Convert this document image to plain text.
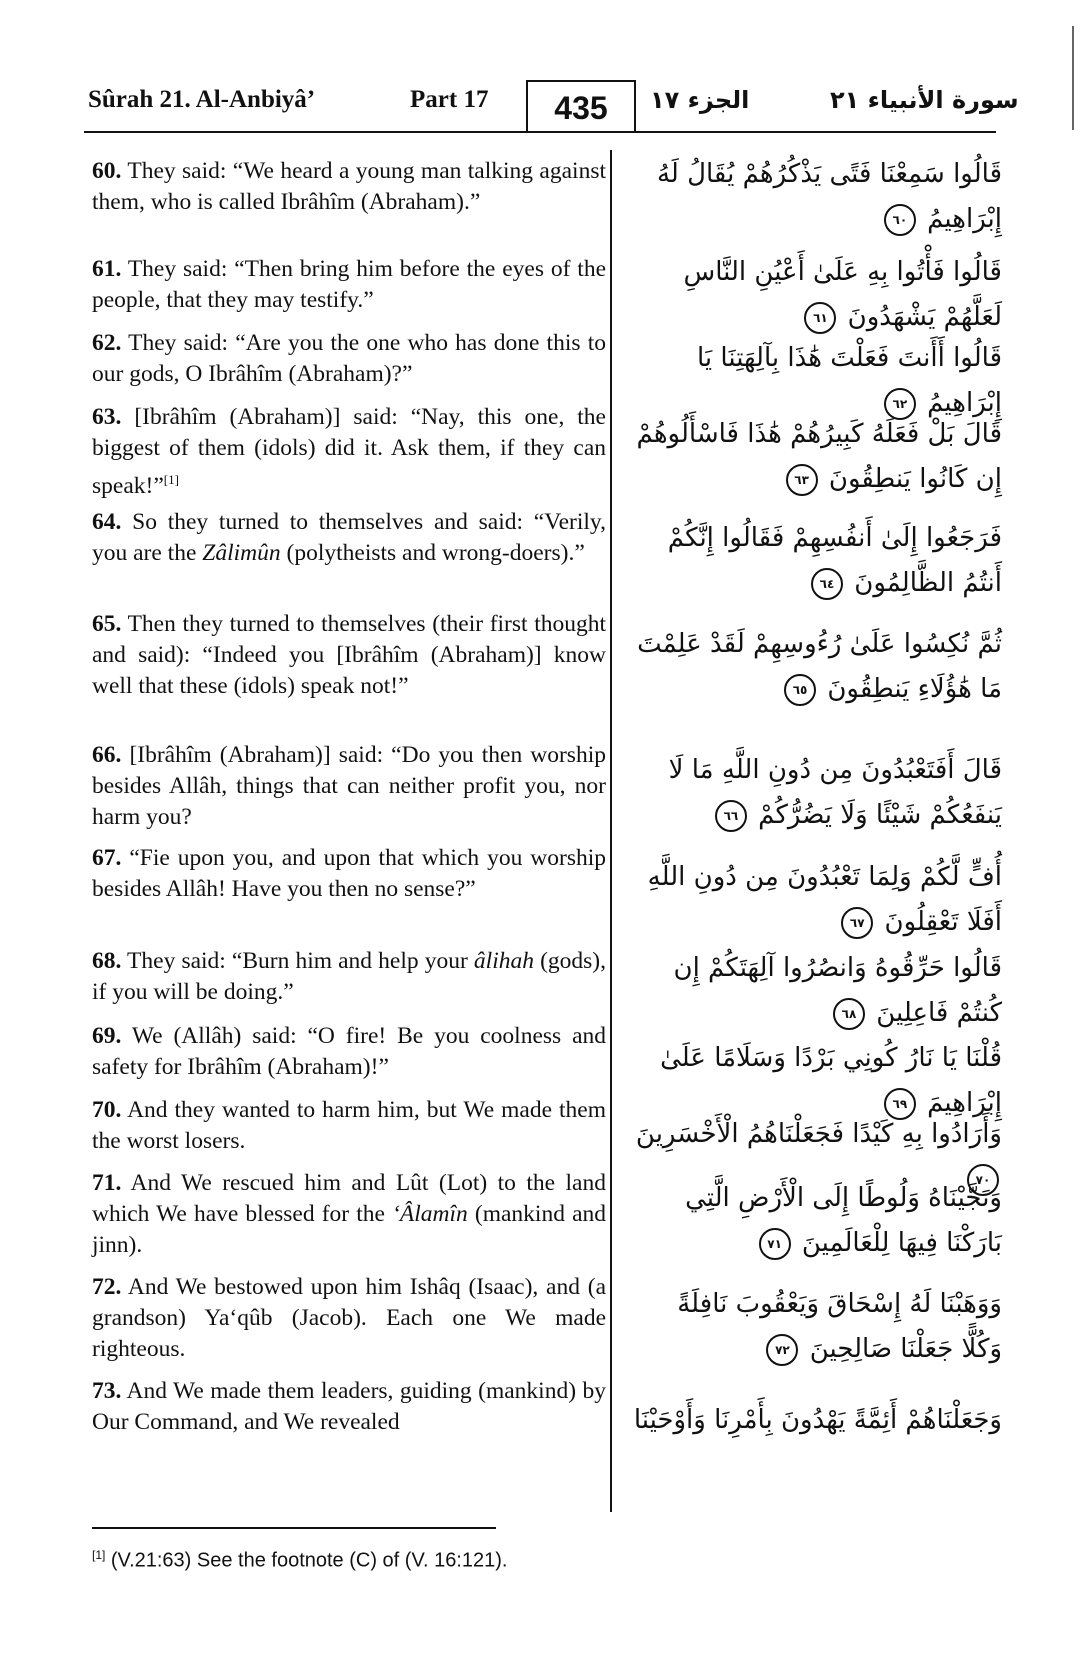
Sûrah 21. Al-Anbiyâ’	Part 17	435	الجزء ١٧	سورة الأنبياء ٢١
60. They said: “We heard a young man talking against them, who is called Ibrâhîm (Abraham).”
61. They said: “Then bring him before the eyes of the people, that they may testify.”
62. They said: “Are you the one who has done this to our gods, O Ibrâhîm (Abraham)?”
63. [Ibrâhîm (Abraham)] said: “Nay, this one, the biggest of them (idols) did it. Ask them, if they can speak!”[1]
64. So they turned to themselves and said: “Verily, you are the Zâlimûn (polytheists and wrong-doers).”
65. Then they turned to themselves (their first thought and said): “Indeed you [Ibrâhîm (Abraham)] know well that these (idols) speak not!”
66. [Ibrâhîm (Abraham)] said: “Do you then worship besides Allâh, things that can neither profit you, nor harm you?
67. “Fie upon you, and upon that which you worship besides Allâh! Have you then no sense?”
68. They said: “Burn him and help your âlihah (gods), if you will be doing.”
69. We (Allâh) said: “O fire! Be you coolness and safety for Ibrâhîm (Abraham)!”
70. And they wanted to harm him, but We made them the worst losers.
71. And We rescued him and Lût (Lot) to the land which We have blessed for the ‘Âlamîn (mankind and jinn).
72. And We bestowed upon him Ishâq (Isaac), and (a grandson) Ya‘qûb (Jacob). Each one We made righteous.
73. And We made them leaders, guiding (mankind) by Our Command, and We revealed
قَالُوا سَمِعْنَا فَتًى يَذْكُرُهُمْ يُقَالُ لَهُ إِبْرَاهِيمُ ٦٠
قَالُوا فَأْتُوا بِهِ عَلَىٰ أَعْيُنِ النَّاسِ لَعَلَّهُمْ يَشْهَدُونَ ٦١
قَالُوا أَأَنتَ فَعَلْتَ هَٰذَا بِآلِهَتِنَا يَا إِبْرَاهِيمُ ٦٢
قَالَ بَلْ فَعَلَهُ كَبِيرُهُمْ هَٰذَا فَاسْأَلُوهُمْ إِن كَانُوا يَنطِقُونَ ٦٣
فَرَجَعُوا إِلَىٰ أَنفُسِهِمْ فَقَالُوا إِنَّكُمْ أَنتُمُ الظَّالِمُونَ ٦٤
ثُمَّ نُكِسُوا عَلَىٰ رُءُوسِهِمْ لَقَدْ عَلِمْتَ مَا هَٰؤُلَاءِ يَنطِقُونَ ٦٥
قَالَ أَفَتَعْبُدُونَ مِن دُونِ اللَّهِ مَا لَا يَنفَعُكُمْ شَيْئًا وَلَا يَضُرُّكُمْ ٦٦
أُفٍّ لَّكُمْ وَلِمَا تَعْبُدُونَ مِن دُونِ اللَّهِ أَفَلَا تَعْقِلُونَ ٦٧
قَالُوا حَرِّقُوهُ وَانصُرُوا آلِهَتَكُمْ إِن كُنتُمْ فَاعِلِينَ ٦٨
قُلْنَا يَا نَارُ كُونِي بَرْدًا وَسَلَامًا عَلَىٰ إِبْرَاهِيمَ ٦٩
وَأَرَادُوا بِهِ كَيْدًا فَجَعَلْنَاهُمُ الْأَخْسَرِينَ ٧٠
وَنَجَّيْنَاهُ وَلُوطًا إِلَى الْأَرْضِ الَّتِي بَارَكْنَا فِيهَا لِلْعَالَمِينَ ٧١
وَوَهَبْنَا لَهُ إِسْحَاقَ وَيَعْقُوبَ نَافِلَةً وَكُلًّا جَعَلْنَا صَالِحِينَ ٧٢
وَجَعَلْنَاهُمْ أَئِمَّةً يَهْدُونَ بِأَمْرِنَا وَأَوْحَيْنَا
[1] (V.21:63) See the footnote (C) of (V. 16:121).
